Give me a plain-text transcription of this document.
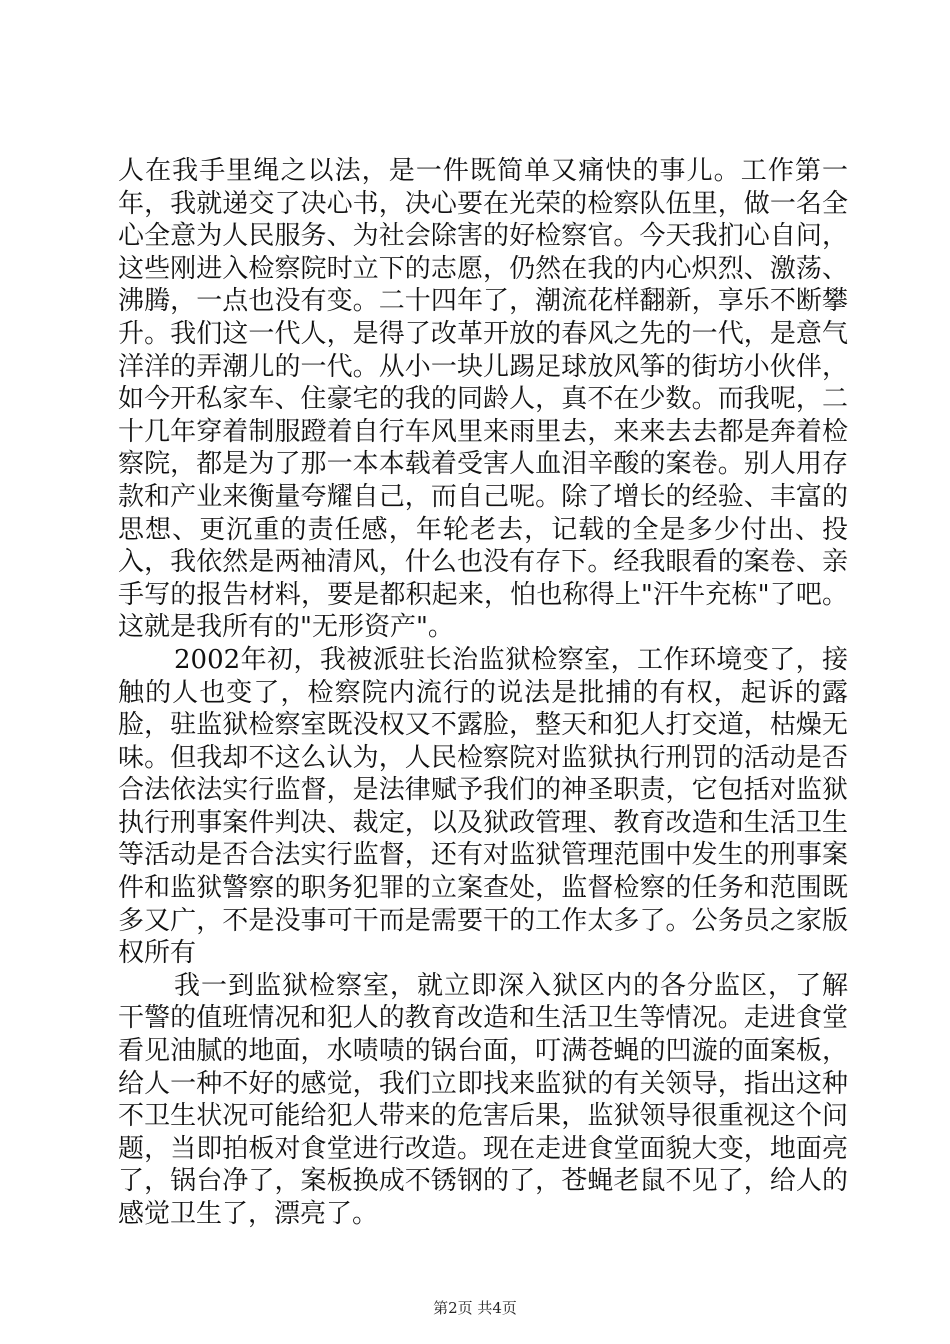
人在我手里绳之以法，是一件既简单又痛快的事儿。工作第一年，我就递交了决心书，决心要在光荣的检察队伍里，做一名全心全意为人民服务、为社会除害的好检察官。今天我扪心自问，这些刚进入检察院时立下的志愿，仍然在我的内心炽烈、激荡、沸腾，一点也没有变。二十四年了，潮流花样翻新，享乐不断攀升。我们这一代人，是得了改革开放的春风之先的一代，是意气洋洋的弄潮儿的一代。从小一块儿踢足球放风筝的街坊小伙伴，如今开私家车、住豪宅的我的同龄人，真不在少数。而我呢，二十几年穿着制服蹬着自行车风里来雨里去，来来去去都是奔着检察院，都是为了那一本本载着受害人血泪辛酸的案卷。别人用存款和产业来衡量夸耀自己，而自己呢。除了增长的经验、丰富的思想、更沉重的责任感，年轮老去，记载的全是多少付出、投入，我依然是两袖清风，什么也没有存下。经我眼看的案卷、亲手写的报告材料，要是都积起来，怕也称得上"汗牛充栋"了吧。这就是我所有的"无形资产"。

2002年初，我被派驻长治监狱检察室，工作环境变了，接触的人也变了，检察院内流行的说法是批捕的有权，起诉的露脸，驻监狱检察室既没权又不露脸，整天和犯人打交道，枯燥无味。但我却不这么认为，人民检察院对监狱执行刑罚的活动是否合法依法实行监督，是法律赋予我们的神圣职责，它包括对监狱执行刑事案件判决、裁定，以及狱政管理、教育改造和生活卫生等活动是否合法实行监督，还有对监狱管理范围中发生的刑事案件和监狱警察的职务犯罪的立案查处，监督检察的任务和范围既多又广，不是没事可干而是需要干的工作太多了。公务员之家版权所有

我一到监狱检察室，就立即深入狱区内的各分监区，了解干警的值班情况和犯人的教育改造和生活卫生等情况。走进食堂看见油腻的地面，水啧啧的锅台面，叮满苍蝇的凹漩的面案板，给人一种不好的感觉，我们立即找来监狱的有关领导，指出这种不卫生状况可能给犯人带来的危害后果，监狱领导很重视这个问题，当即拍板对食堂进行改造。现在走进食堂面貌大变，地面亮了，锅台净了，案板换成不锈钢的了，苍蝇老鼠不见了，给人的感觉卫生了，漂亮了。

第2页 共4页
